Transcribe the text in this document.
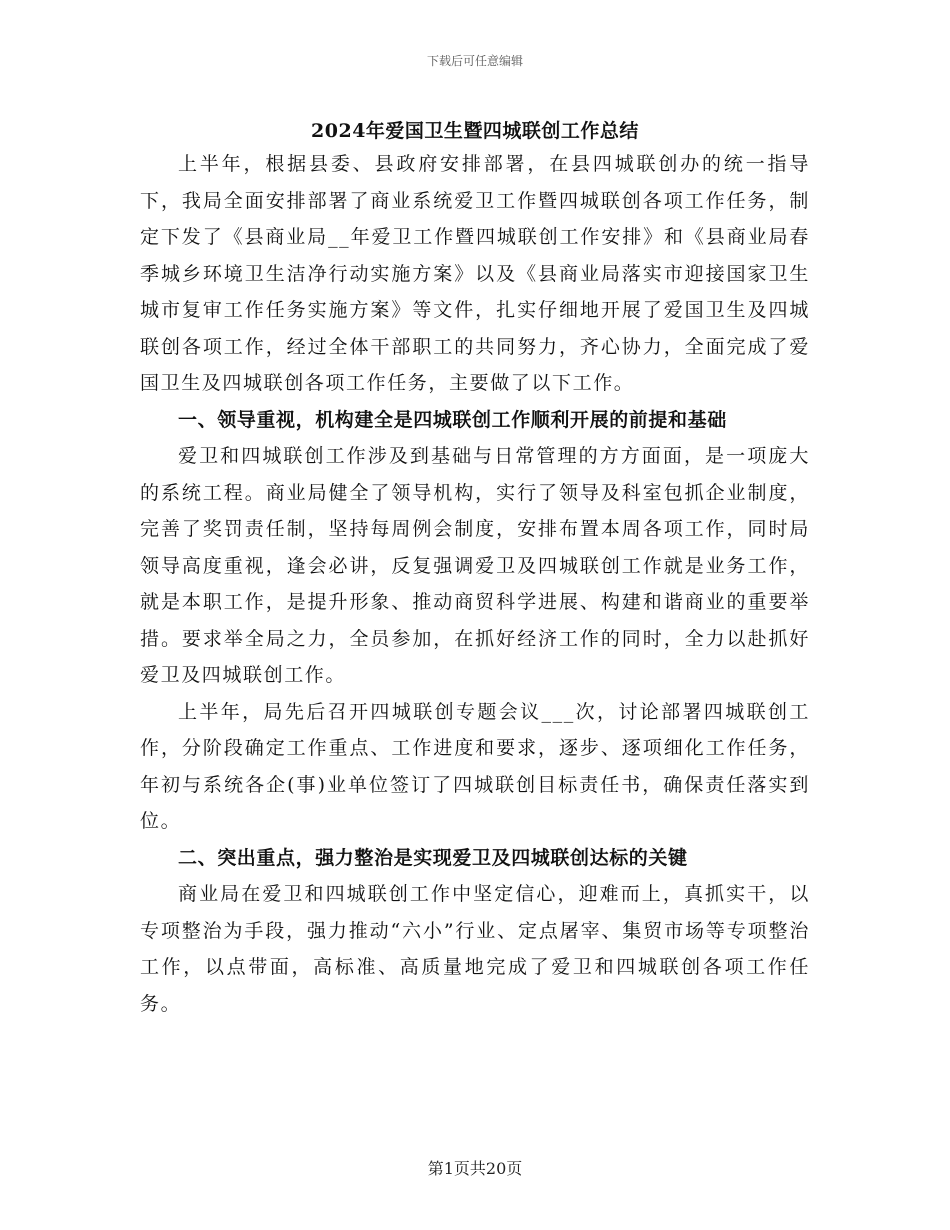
下载后可任意编辑
2024年爱国卫生暨四城联创工作总结

上半年，根据县委、县政府安排部署，在县四城联创办的统一指导下，我局全面安排部署了商业系统爱卫工作暨四城联创各项工作任务，制定下发了《县商业局__年爱卫工作暨四城联创工作安排》和《县商业局春季城乡环境卫生洁净行动实施方案》以及《县商业局落实市迎接国家卫生城市复审工作任务实施方案》等文件，扎实仔细地开展了爱国卫生及四城联创各项工作，经过全体干部职工的共同努力，齐心协力，全面完成了爱国卫生及四城联创各项工作任务，主要做了以下工作。

一、领导重视，机构建全是四城联创工作顺利开展的前提和基础

爱卫和四城联创工作涉及到基础与日常管理的方方面面，是一项庞大的系统工程。商业局健全了领导机构，实行了领导及科室包抓企业制度，完善了奖罚责任制，坚持每周例会制度，安排布置本周各项工作，同时局领导高度重视，逢会必讲，反复强调爱卫及四城联创工作就是业务工作，就是本职工作，是提升形象、推动商贸科学进展、构建和谐商业的重要举措。要求举全局之力，全员参加，在抓好经济工作的同时，全力以赴抓好爱卫及四城联创工作。

上半年，局先后召开四城联创专题会议___次，讨论部署四城联创工作，分阶段确定工作重点、工作进度和要求，逐步、逐项细化工作任务，年初与系统各企(事)业单位签订了四城联创目标责任书，确保责任落实到位。

二、突出重点，强力整治是实现爱卫及四城联创达标的关键

商业局在爱卫和四城联创工作中坚定信心，迎难而上，真抓实干，以专项整治为手段，强力推动“六小”行业、定点屠宰、集贸市场等专项整治工作，以点带面，高标准、高质量地完成了爱卫和四城联创各项工作任务。

第1页共20页
